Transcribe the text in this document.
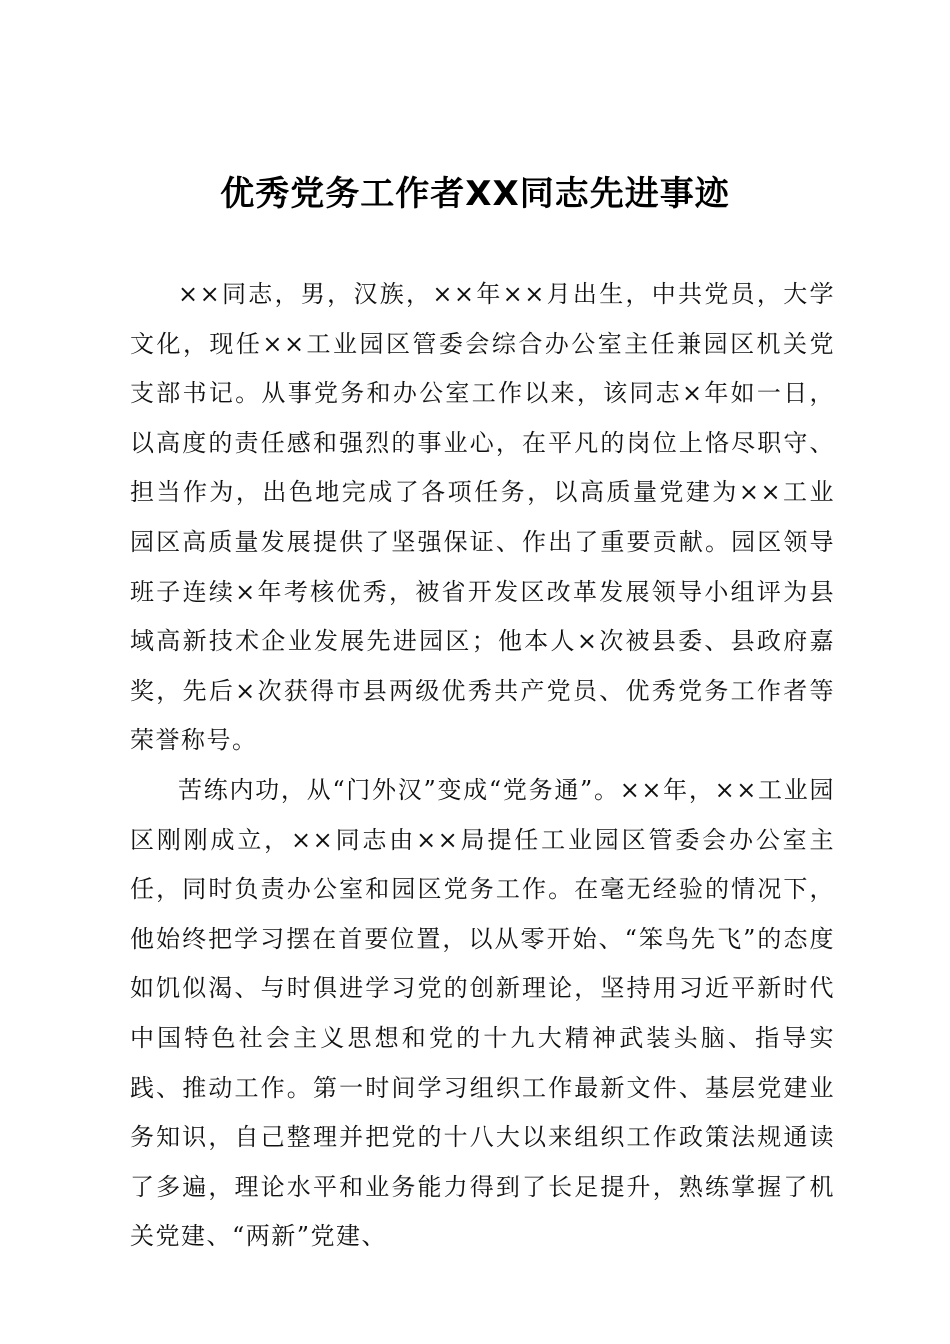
优秀党务工作者XX同志先进事迹

××同志，男，汉族，××年××月出生，中共党员，大学文化，现任××工业园区管委会综合办公室主任兼园区机关党支部书记。从事党务和办公室工作以来，该同志×年如一日，以高度的责任感和强烈的事业心，在平凡的岗位上恪尽职守、担当作为，出色地完成了各项任务，以高质量党建为××工业园区高质量发展提供了坚强保证、作出了重要贡献。园区领导班子连续×年考核优秀，被省开发区改革发展领导小组评为县域高新技术企业发展先进园区；他本人×次被县委、县政府嘉奖，先后×次获得市县两级优秀共产党员、优秀党务工作者等荣誉称号。

苦练内功，从“门外汉”变成“党务通”。××年，××工业园区刚刚成立，××同志由××局提任工业园区管委会办公室主任，同时负责办公室和园区党务工作。在毫无经验的情况下，他始终把学习摆在首要位置，以从零开始、“笨鸟先飞”的态度如饥似渴、与时俱进学习党的创新理论，坚持用习近平新时代中国特色社会主义思想和党的十九大精神武装头脑、指导实践、推动工作。第一时间学习组织工作最新文件、基层党建业务知识，自己整理并把党的十八大以来组织工作政策法规通读了多遍，理论水平和业务能力得到了长足提升，熟练掌握了机关党建、“两新”党建、
